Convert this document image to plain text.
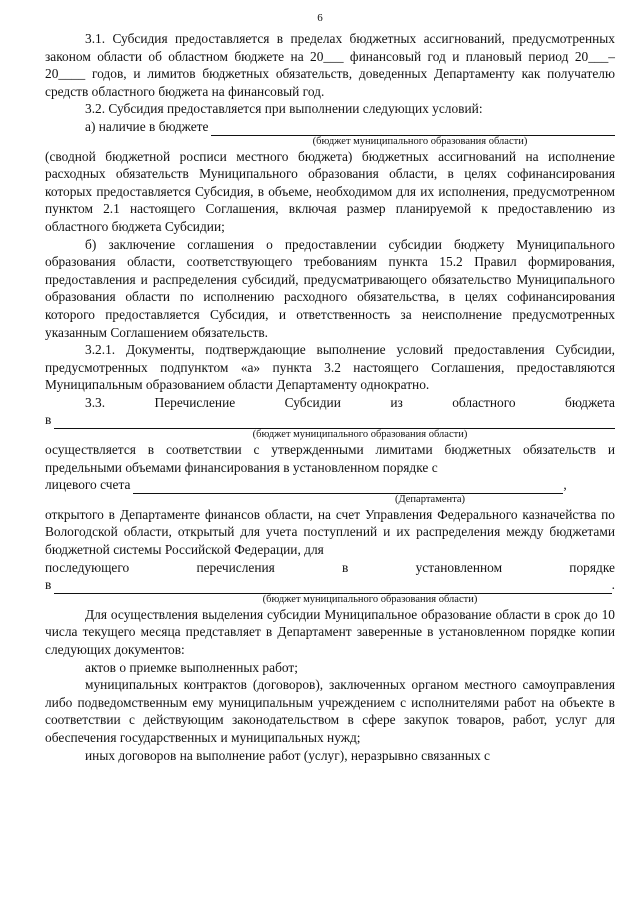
6

3.1. Субсидия предоставляется в пределах бюджетных ассигнований, предусмотренных законом области об областном бюджете на 20___ финансовый год и плановый период 20___– 20____ годов, и лимитов бюджетных обязательств, доведенных Департаменту как получателю средств областного бюджета на финансовый год.

3.2. Субсидия предоставляется при выполнении следующих условий:

а) наличие в бюджете
(бюджет муниципального образования области)

(сводной бюджетной росписи местного бюджета) бюджетных ассигнований на исполнение расходных обязательств Муниципального образования области, в целях софинансирования которых предоставляется Субсидия, в объеме, необходимом для их исполнения, предусмотренном пунктом 2.1 настоящего Соглашения, включая размер планируемой к предоставлению из областного бюджета Субсидии;

б) заключение соглашения о предоставлении субсидии бюджету Муниципального образования области, соответствующего требованиям пункта 15.2 Правил формирования, предоставления и распределения субсидий, предусматривающего обязательство Муниципального образования области по исполнению расходного обязательства, в целях софинансирования которого предоставляется Субсидия, и ответственность за неисполнение предусмотренных указанным Соглашением обязательств.

3.2.1. Документы, подтверждающие выполнение условий предоставления Субсидии, предусмотренных подпунктом «а» пункта 3.2 настоящего Соглашения, предоставляются Муниципальным образованием области Департаменту однократно.

3.3.	Перечисление	Субсидии	из	областного	бюджета
в
(бюджет муниципального образования области)

осуществляется в соответствии с утвержденными лимитами бюджетных обязательств и предельными объемами финансирования в установленном порядке с

лицевого счета	,
(Департамента)

открытого в Департаменте финансов области, на счет Управления Федерального казначейства по Вологодской области, открытый для учета поступлений и их распределения между бюджетами бюджетной системы Российской Федерации, для

последующего	перечисления	в	установленном	порядке
в	.
(бюджет муниципального образования области)

Для осуществления выделения субсидии Муниципальное образование области в срок до 10 числа текущего месяца представляет в Департамент заверенные в установленном порядке копии следующих документов:

актов о приемке выполненных работ;

муниципальных контрактов (договоров), заключенных органом местного самоуправления либо подведомственным ему муниципальным учреждением с исполнителями работ на объекте в соответствии с действующим законодательством в сфере закупок товаров, работ, услуг для обеспечения государственных и муниципальных нужд;

иных договоров на выполнение работ (услуг), неразрывно связанных с
